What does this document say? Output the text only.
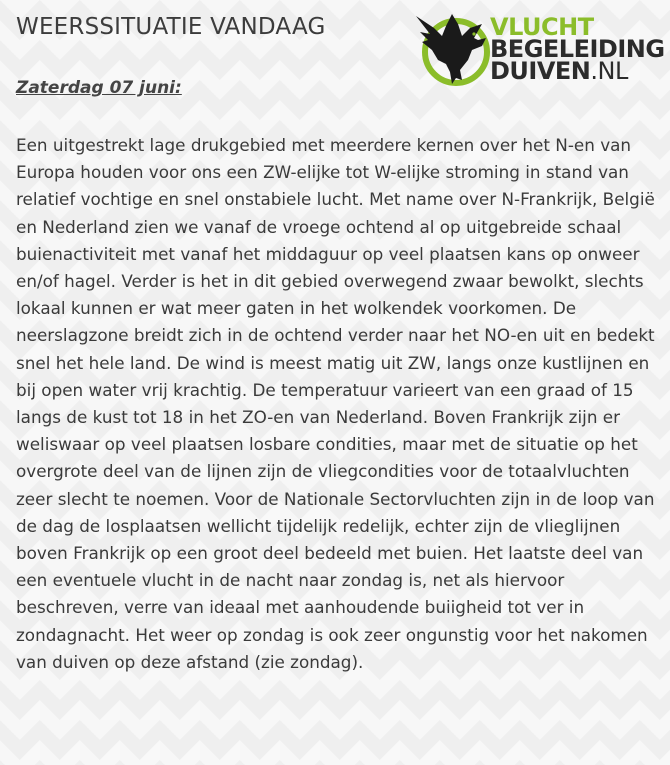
WEERSSITUATIE VANDAAG	VLUCHT
BEGELEIDING
DUIVEN.NL
Zaterdag 07 juni:

Een uitgestrekt lage drukgebied met meerdere kernen over het N-en van Europa houden voor ons een ZW-elijke tot W-elijke stroming in stand van relatief vochtige en snel onstabiele lucht. Met name over N-Frankrijk, België en Nederland zien we vanaf de vroege ochtend al op uitgebreide schaal buienactiviteit met vanaf het middaguur op veel plaatsen kans op onweer en/of hagel. Verder is het in dit gebied overwegend zwaar bewolkt, slechts lokaal kunnen er wat meer gaten in het wolkendek voorkomen. De neerslagzone breidt zich in de ochtend verder naar het NO-en uit en bedekt snel het hele land. De wind is meest matig uit ZW, langs onze kustlijnen en bij open water vrij krachtig. De temperatuur varieert van een graad of 15 langs de kust tot 18 in het ZO-en van Nederland. Boven Frankrijk zijn er weliswaar op veel plaatsen losbare condities, maar met de situatie op het overgrote deel van de lijnen zijn de vliegcondities voor de totaalvluchten zeer slecht te noemen. Voor de Nationale Sectorvluchten zijn in de loop van de dag de losplaatsen wellicht tijdelijk redelijk, echter zijn de vlieglijnen boven Frankrijk op een groot deel bedeeld met buien. Het laatste deel van een eventuele vlucht in de nacht naar zondag is, net als hiervoor beschreven, verre van ideaal met aanhoudende buiigheid tot ver in zondagnacht. Het weer op zondag is ook zeer ongunstig voor het nakomen van duiven op deze afstand (zie zondag).
